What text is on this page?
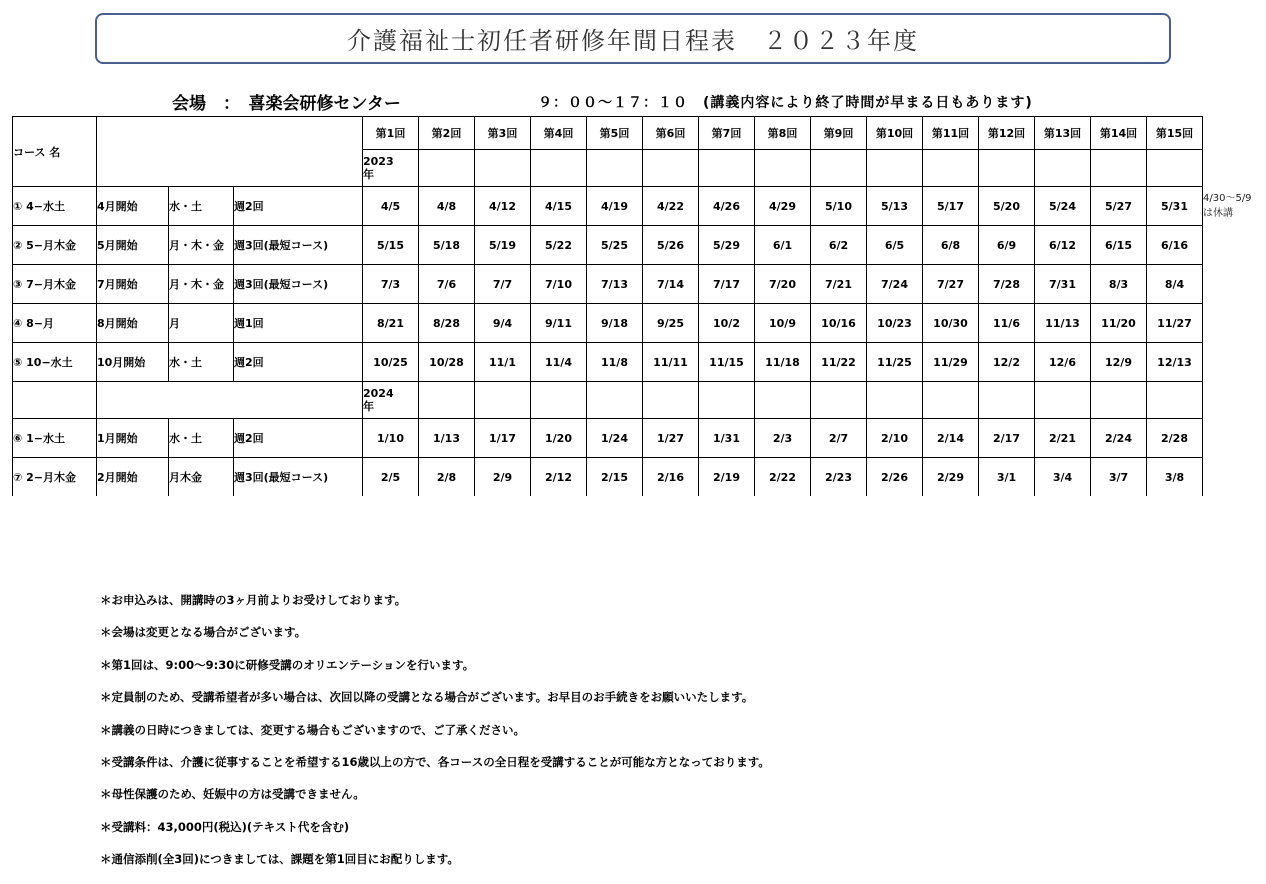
介護福祉士初任者研修年間日程表　２０２３年度
会場　：　喜楽会研修センター	９：００～１７：１０　(講義内容により終了時間が早まる日もあります)
コース 名				第1回	第2回	第3回	第4回	第5回	第6回	第7回	第8回	第9回	第10回	第11回	第12回	第13回	第14回	第15回
				2023
年														
① 4−水土	4月開始	水・土	週2回	4/5	4/8	4/12	4/15	4/19	4/22	4/26	4/29	5/10	5/13	5/17	5/20	5/24	5/27	5/31
② 5−月木金	5月開始	月・木・金	週3回(最短コース)	5/15	5/18	5/19	5/22	5/25	5/26	5/29	6/1	6/2	6/5	6/8	6/9	6/12	6/15	6/16
③ 7−月木金	7月開始	月・木・金	週3回(最短コース)	7/3	7/6	7/7	7/10	7/13	7/14	7/17	7/20	7/21	7/24	7/27	7/28	7/31	8/3	8/4
④ 8−月	8月開始	月	週1回	8/21	8/28	9/4	9/11	9/18	9/25	10/2	10/9	10/16	10/23	10/30	11/6	11/13	11/20	11/27
⑤ 10−水土	10月開始	水・土	週2回	10/25	10/28	11/1	11/4	11/8	11/11	11/15	11/18	11/22	11/25	11/29	12/2	12/6	12/9	12/13
				2024
年														
⑥ 1−水土	1月開始	水・土	週2回	1/10	1/13	1/17	1/20	1/24	1/27	1/31	2/3	2/7	2/10	2/14	2/17	2/21	2/24	2/28
⑦ 2−月木金	2月開始	月木金	週3回(最短コース)	2/5	2/8	2/9	2/12	2/15	2/16	2/19	2/22	2/23	2/26	2/29	3/1	3/4	3/7	3/8
4/30～5/9
は休講
＊お申込みは、開講時の3ヶ月前よりお受けしております。
＊会場は変更となる場合がございます。
＊第1回は、9:00～9:30に研修受講のオリエンテーションを行います。
＊定員制のため、受講希望者が多い場合は、次回以降の受講となる場合がございます。お早目のお手続きをお願いいたします。
＊講義の日時につきましては、変更する場合もございますので、ご了承ください。
＊受講条件は、介護に従事することを希望する16歳以上の方で、各コースの全日程を受講することが可能な方となっております。
＊母性保護のため、妊娠中の方は受講できません。
＊受講料：43,000円(税込)(テキスト代を含む)
＊通信添削(全3回)につきましては、課題を第1回目にお配りします。
